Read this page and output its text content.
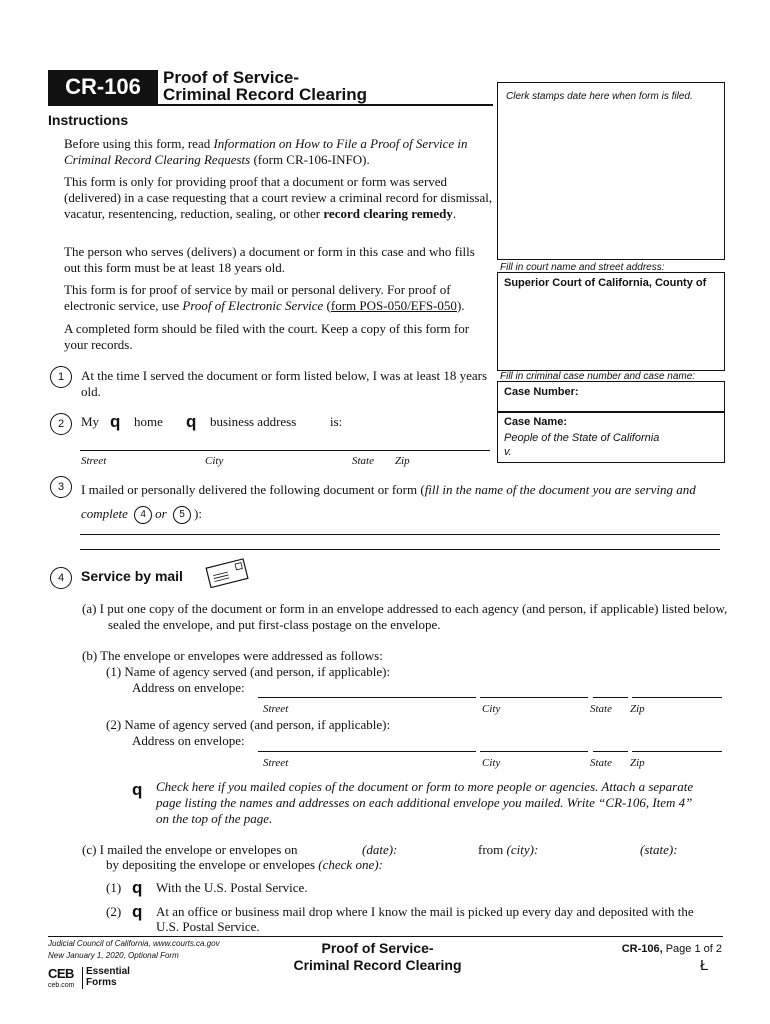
CR-106	Proof of Service-
Criminal Record Clearing	Clerk stamps date here when form is filed.
Fill in court name and street address:
Superior Court of California, County of
Fill in criminal case number and case name:
Case Number:
Case Name:
People of the State of California
v.
Instructions
Before using this form, read Information on How to File a Proof of Service in Criminal Record Clearing Requests (form CR-106-INFO).
This form is only for providing proof that a document or form was served (delivered) in a case requesting that a court review a criminal record for dismissal, vacatur, resentencing, reduction, sealing, or other record clearing remedy.
The person who serves (delivers) a document or form in this case and who fills out this form must be at least 18 years old.
This form is for proof of service by mail or personal delivery. For proof of electronic service, use Proof of Electronic Service (form POS-050/EFS-050).
A completed form should be filed with the court. Keep a copy of this form for your records.
1	At the time I served the document or form listed below, I was at least 18 years old.
2	My q home q business address	is:
Street	City	State Zip
3	I mailed or personally delivered the following document or form (fill in the name of the document you are serving and complete 4 or 5 ):
4	Service by mail
(a) I put one copy of the document or form in an envelope addressed to each agency (and person, if applicable) listed below, sealed the envelope, and put first-class postage on the envelope.
(b) The envelope or envelopes were addressed as follows:
(1) Name of agency served (and person, if applicable):
Address on envelope:
Street	City	State Zip
(2) Name of agency served (and person, if applicable):
Address on envelope:
Street	City	State Zip
q Check here if you mailed copies of the document or form to more people or agencies. Attach a separate page listing the names and addresses on each additional envelope you mailed. Write “CR-106, Item 4” on the top of the page.
(c) I mailed the envelope or envelopes on	(date):	from (city):	(state):
by depositing the envelope or envelopes (check one):
(1) q With the U.S. Postal Service.
(2) q At an office or business mail drop where I know the mail is picked up every day and deposited with the U.S. Postal Service.
Judicial Council of California, www.courts.ca.gov
New January 1, 2020, Optional Form	Proof of Service-
Criminal Record Clearing
CR-106, Page 1 of 2
Ł
CEB
ceb.com
Essential
Forms
